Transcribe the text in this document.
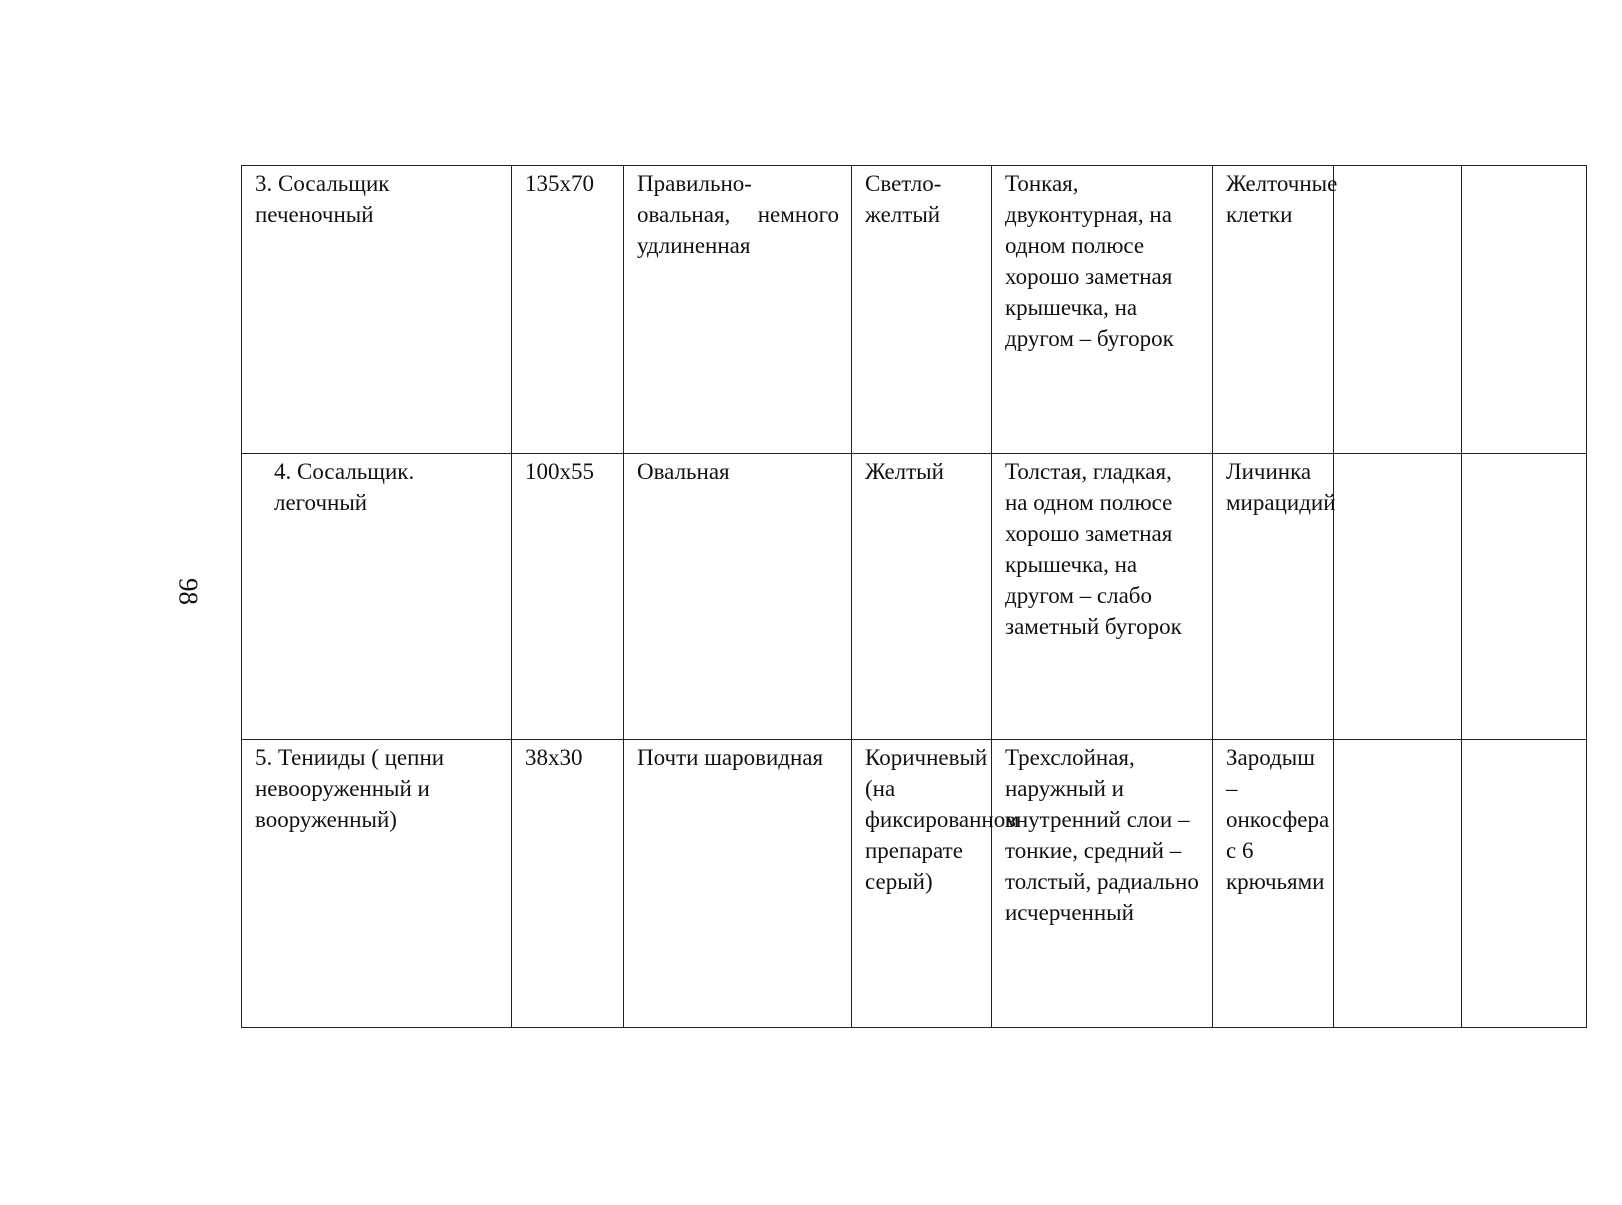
98
3. Сосальщик печеночный	135х70	Правильно-овальная, немного удлиненная	Светло-желтый	Тонкая, двуконтурная, на одном полюсе хорошо заметная крышечка, на другом – бугорок	Желточные клетки		
4. Сосальщик. легочный	100х55	Овальная	Желтый	Толстая, гладкая, на одном полюсе хорошо заметная крышечка, на другом – слабо заметный бугорок	Личинка мирацидий		
5. Тенииды ( цепни невооруженный и вооруженный)	38х30	Почти шаровидная	Коричневый (на фиксированном препарате серый)	Трехслойная, наружный и внутренний слои – тонкие, средний – толстый, радиально исчерченный	Зародыш – онкосфера с 6 крючьями		
